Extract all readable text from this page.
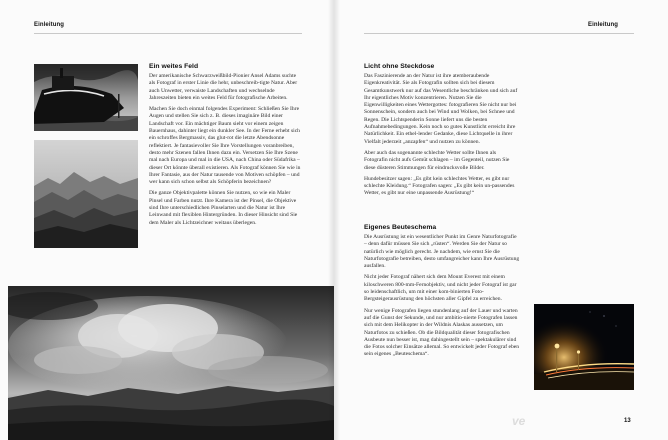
Einleitung
Ein weites Feld

Der amerikanische Schwarzweißbild-Pionier Ansel Adams suchte als Fotograf in erster Linie die hehr, unbeschreib-tigte Natur. Aber auch Unwetter, verwaiste Landschaften und wechselnde Jahreszeiten bieten ein weites Feld für fotografische Arbeiten.

Machen Sie doch einmal folgendes Experiment: Schließen Sie Ihre Augen und stellen Sie sich z. B. dieses imaginäre Bild einer Landschaft vor. Ein mächtiger Baum sieht vor einem zeigen Bauernhaus, dahinter liegt ein dunkler See. In der Ferne erhebt sich ein schroffes Bergmassiv, das glut-rot die letzte Abendsonne reflektiert. Je fantasievoller Sie Ihre Vorstellungen voranbreiben, desto mehr Szenen fallen Ihnen dazu ein. Versetzen Sie Ihre Szene mal nach Europa und mal in die USA, nach China oder Südafrika – dieser Ort könnte überall existieren. Als Fotograf können Sie wie in Ihrer Fantasie, aus der Natur tausende von Motiven schöpfen – und wer kann sich schon selbst als Schöpferin bezeichnen?

Die ganze Objektivpalette können Sie nutzen, so wie ein Maler Pinsel und Farben nutzt. Ihre Kamera ist der Pinsel, die Objektive sind Ihre unterschiedlichen Pinselarten und die Natur ist Ihre Leinwand mit flexiblen Hintergründen. In dieser Hinsicht sind Sie dem Maler als Lichtzeichner weitaus überlegen.

Einleitung
Licht ohne Steckdose

Das Faszinierende an der Natur ist ihre atemberaubende Eigenkreativität. Sie als Fotografin sollten sich bei diesem Gesamtkunstwerk nur auf das Wesentliche beschränken und sich auf Ihr eigentliches Motiv konzentrieren. Nutzen Sie die Eigenwilligkeiten eines Wettergottes: fotografieren Sie nicht nur bei Sonnenschein, sondern auch bei Wind und Wolken, bei Schnee und Regen. Die Lichtspenderin Sonne liefert uns die besten Aufnahmebedingungen. Kein noch so gutes Kunstlicht erreicht ihre Natürlichkeit. Ein ethel-lender Gedanke, diese Lichtquelle in ihrer Vielfalt jederzeit „anzapfen“ und nutzen zu können.

Aber auch das sogenannte schlechte Wetter sollte Ihnen als Fotografin nicht aufs Gemüt schlagen – im Gegenteil, nutzen Sie diese düsteren Stimmungen für eindrucksvolle Bilder.

Hundebesitzer sagen: „Es gibt kein schlechtes Wetter, es gibt nur schlechte Kleidung.“ Fotografen sagen: „Es gibt kein un-passendes Wetter, es gibt nur eine unpassende Ausrüstung!“

Eigenes Beuteschema

Die Ausrüstung ist ein wesentlicher Punkt im Genre Naturfotografie – denn dafür müssen Sie sich „rüsten“. Werden Sie der Natur so natürlich wie möglich gerecht. Je nachdem, wie ernst Sie die Naturfotografie betreiben, desto umfangreicher kann Ihre Ausrüstung ausfallen.

Nicht jeder Fotograf nähert sich dem Mount Everest mit einem kiloschweren 800-mm-Fernobjektiv, und nicht jeder Fotograf ist gar so leidenschaftlich, um mit einer kom-binierten Foto-Bergsteigerausrüstung den höchsten aller Gipfel zu erreichen.

Nur wenige Fotografen liegen stundenlang auf der Lauer und warten auf die Gunst der Sekunde, und nur ambitio-nierte Fotografen lassen sich mit dem Helikopter in der Wildnis Alaskas aussetzen, um Naturfotos zu schießen. Ob die Bildqualität dieser fotografischen Ausbeute nun besser ist, mag dahingestellt sein – spektakulärer sind die Fotos solcher Einsätze allemal. So entwickelt jeder Fotograf eben sein eigenes „Beuteschema“.

ve	13
